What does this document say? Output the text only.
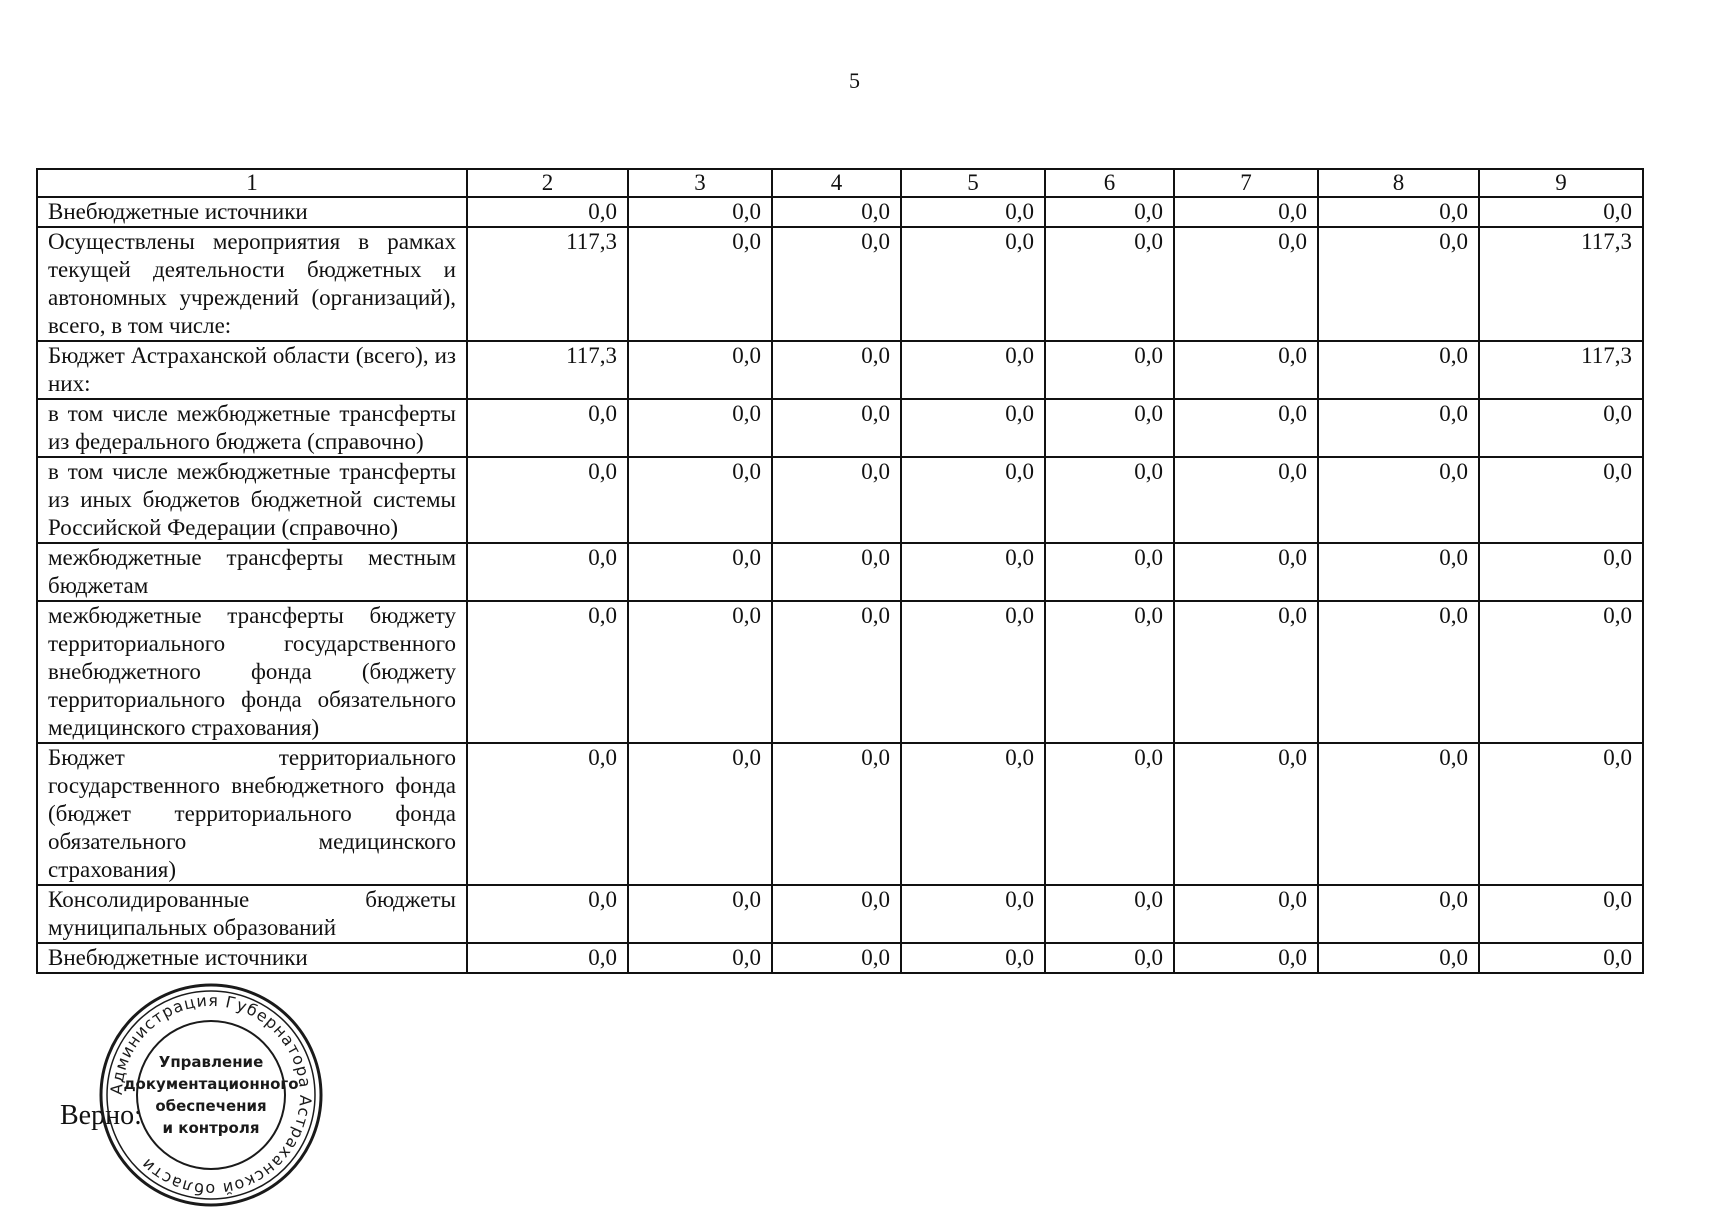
5
1	2	3	4	5	6	7	8	9
Внебюджетные источники	0,0	0,0	0,0	0,0	0,0	0,0	0,0	0,0
Осуществлены мероприятия в рамках текущей деятельности бюджетных и автономных учреждений (организаций), всего, в том числе:	117,3	0,0	0,0	0,0	0,0	0,0	0,0	117,3
Бюджет Астраханской области (всего), из них:	117,3	0,0	0,0	0,0	0,0	0,0	0,0	117,3
в том числе межбюджетные трансферты из федерального бюджета (справочно)	0,0	0,0	0,0	0,0	0,0	0,0	0,0	0,0
в том числе межбюджетные трансферты из иных бюджетов бюджетной системы Российской Федерации (справочно)	0,0	0,0	0,0	0,0	0,0	0,0	0,0	0,0
межбюджетные трансферты местным бюджетам	0,0	0,0	0,0	0,0	0,0	0,0	0,0	0,0
межбюджетные трансферты бюджету территориального государственного внебюджетного фонда (бюджету территориального фонда обязательного медицинского страхования)	0,0	0,0	0,0	0,0	0,0	0,0	0,0	0,0
Бюджет территориального государственного внебюджетного фонда (бюджет территориального фонда обязательного медицинского страхования)	0,0	0,0	0,0	0,0	0,0	0,0	0,0	0,0
Консолидированные бюджеты муниципальных образований	0,0	0,0	0,0	0,0	0,0	0,0	0,0	0,0
Внебюджетные источники	0,0	0,0	0,0	0,0	0,0	0,0	0,0	0,0
Верно:
Администрация Губернатора Астраханской области
Управление
документационного
обеспечения
и контроля
